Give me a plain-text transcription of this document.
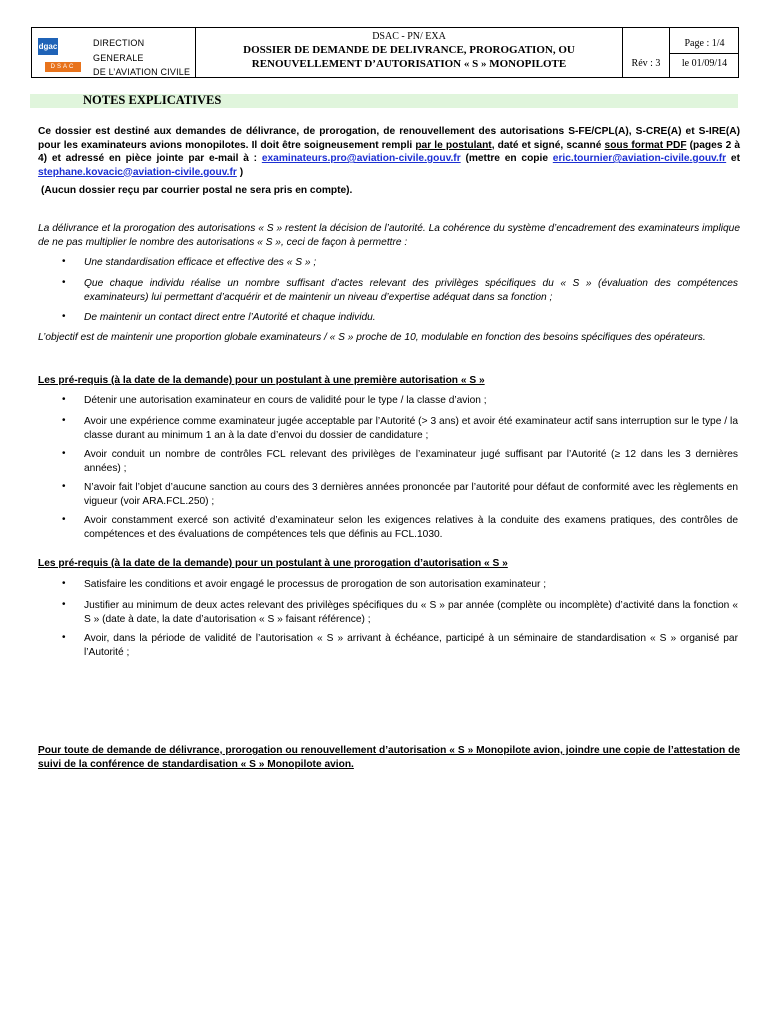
dgac
DSAC
DIRECTION
GENERALE
DE L’AVIATION CIVILE
DSAC - PN/ EXA
DOSSIER DE DEMANDE DE DELIVRANCE, PROROGATION, OU
RENOUVELLEMENT D’AUTORISATION « S » MONOPILOTE	Rév : 3
Page : 1/4
le 01/09/14
NOTES EXPLICATIVES
Ce dossier est destiné aux demandes de délivrance, de prorogation, de renouvellement des autorisations S-FE/CPL(A), S-CRE(A) et S-IRE(A) pour les examinateurs avions monopilotes. Il doit être soigneusement rempli par le postulant, daté et signé, scanné sous format PDF (pages 2 à 4) et adressé en pièce jointe par e-mail à : examinateurs.pro@aviation-civile.gouv.fr (mettre en copie eric.tournier@aviation-civile.gouv.fr et stephane.kovacic@aviation-civile.gouv.fr )
(Aucun dossier reçu par courrier postal ne sera pris en compte).
La délivrance et la prorogation des autorisations « S » restent la décision de l’autorité. La cohérence du système d’encadrement des examinateurs implique de ne pas multiplier le nombre des autorisations « S », ceci de façon à permettre :
• Une standardisation efficace et effective des « S » ;
• Que chaque individu réalise un nombre suffisant d’actes relevant des privilèges spécifiques du « S » (évaluation des compétences examinateurs) lui permettant d’acquérir et de maintenir un niveau d’expertise adéquat dans sa fonction ;
• De maintenir un contact direct entre l’Autorité et chaque individu.
L’objectif est de maintenir une proportion globale examinateurs / « S » proche de 10, modulable en fonction des besoins spécifiques des opérateurs.
Les pré-requis (à la date de la demande) pour un postulant à une première autorisation « S »
• Détenir une autorisation examinateur en cours de validité pour le type / la classe d’avion ;
• Avoir une expérience comme examinateur jugée acceptable par l’Autorité (> 3 ans) et avoir été examinateur actif sans interruption sur le type / la classe durant au minimum 1 an à la date d’envoi du dossier de candidature ;
• Avoir conduit un nombre de contrôles FCL relevant des privilèges de l’examinateur jugé suffisant par l’Autorité (≥ 12 dans les 3 dernières années) ;
• N’avoir fait l’objet d’aucune sanction au cours des 3 dernières années prononcée par l’autorité pour défaut de conformité avec les règlements en vigueur (voir ARA.FCL.250) ;
• Avoir constamment exercé son activité d’examinateur selon les exigences relatives à la conduite des examens pratiques, des contrôles de compétences et des évaluations de compétences tels que définis au FCL.1030.
Les pré-requis (à la date de la demande) pour un postulant à une prorogation d’autorisation « S »
• Satisfaire les conditions et avoir engagé le processus de prorogation de son autorisation examinateur ;
• Justifier au minimum de deux actes relevant des privilèges spécifiques du « S » par année (complète ou incomplète) d’activité dans la fonction « S » (date à date, la date d’autorisation « S » faisant référence) ;
• Avoir, dans la période de validité de l’autorisation « S » arrivant à échéance, participé à un séminaire de standardisation « S » organisé par l’Autorité ;
Pour toute de demande de délivrance, prorogation ou renouvellement d’autorisation « S » Monopilote avion, joindre une copie de l’attestation de suivi de la conférence de standardisation « S » Monopilote avion.
